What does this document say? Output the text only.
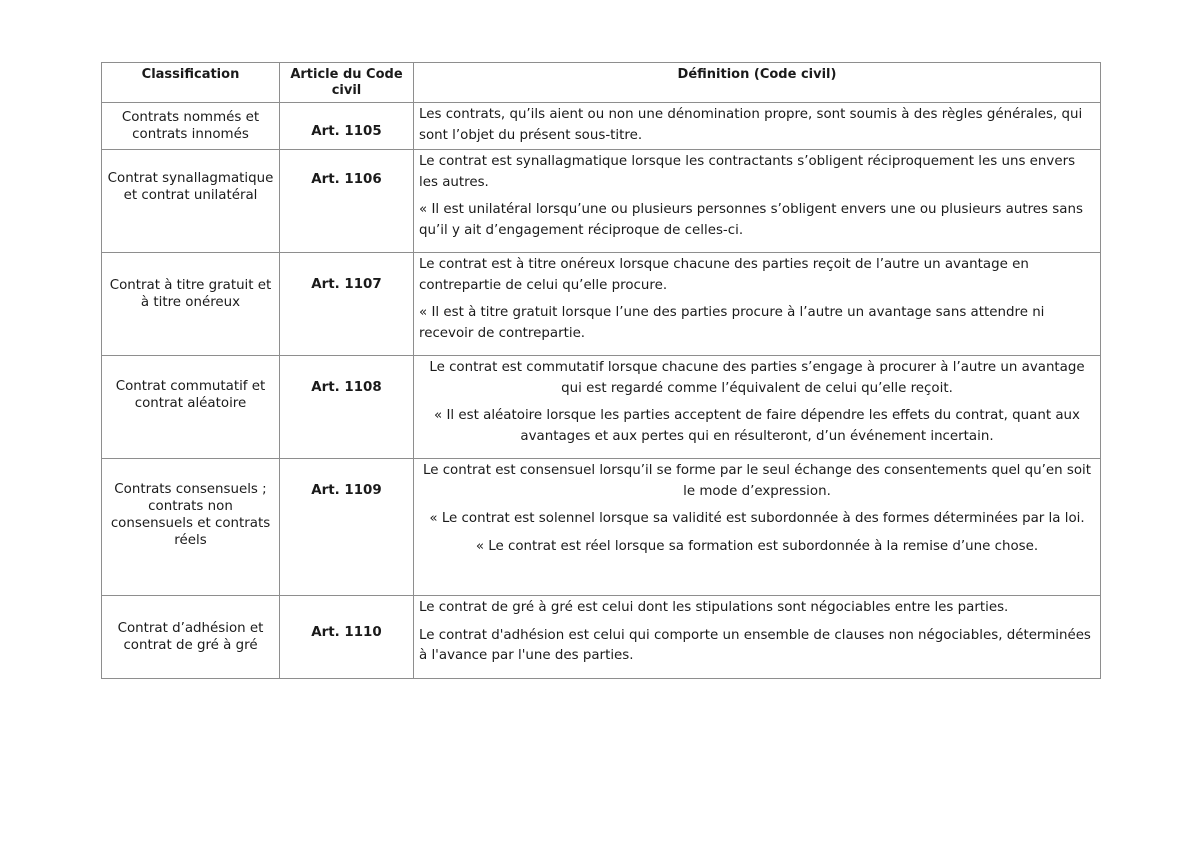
Classification	Article du Code civil	Définition (Code civil)
Contrats nommés et contrats innomés	Art. 1105	Les contrats, qu’ils aient ou non une dénomination propre, sont soumis à des règles générales, qui sont l’objet du présent sous-titre.

Contrat synallagmatique et contrat unilatéral	Art. 1106	Le contrat est synallagmatique lorsque les contractants s’obligent réciproquement les uns envers les autres.

« Il est unilatéral lorsqu’une ou plusieurs personnes s’obligent envers une ou plusieurs autres sans qu’il y ait d’engagement réciproque de celles-ci.

Contrat à titre gratuit et à titre onéreux	Art. 1107	Le contrat est à titre onéreux lorsque chacune des parties reçoit de l’autre un avantage en contrepartie de celui qu’elle procure.

« Il est à titre gratuit lorsque l’une des parties procure à l’autre un avantage sans attendre ni recevoir de contrepartie.

Contrat commutatif et contrat aléatoire	Art. 1108	Le contrat est commutatif lorsque chacune des parties s’engage à procurer à l’autre un avantage qui est regardé comme l’équivalent de celui qu’elle reçoit.

« Il est aléatoire lorsque les parties acceptent de faire dépendre les effets du contrat, quant aux avantages et aux pertes qui en résulteront, d’un événement incertain.

Contrats consensuels ; contrats non consensuels et contrats réels	Art. 1109	Le contrat est consensuel lorsqu’il se forme par le seul échange des consentements quel qu’en soit le mode d’expression.

« Le contrat est solennel lorsque sa validité est subordonnée à des formes déterminées par la loi.

« Le contrat est réel lorsque sa formation est subordonnée à la remise d’une chose.

Contrat d’adhésion et contrat de gré à gré	Art. 1110	Le contrat de gré à gré est celui dont les stipulations sont négociables entre les parties.

Le contrat d'adhésion est celui qui comporte un ensemble de clauses non négociables, déterminées à l'avance par l'une des parties.
